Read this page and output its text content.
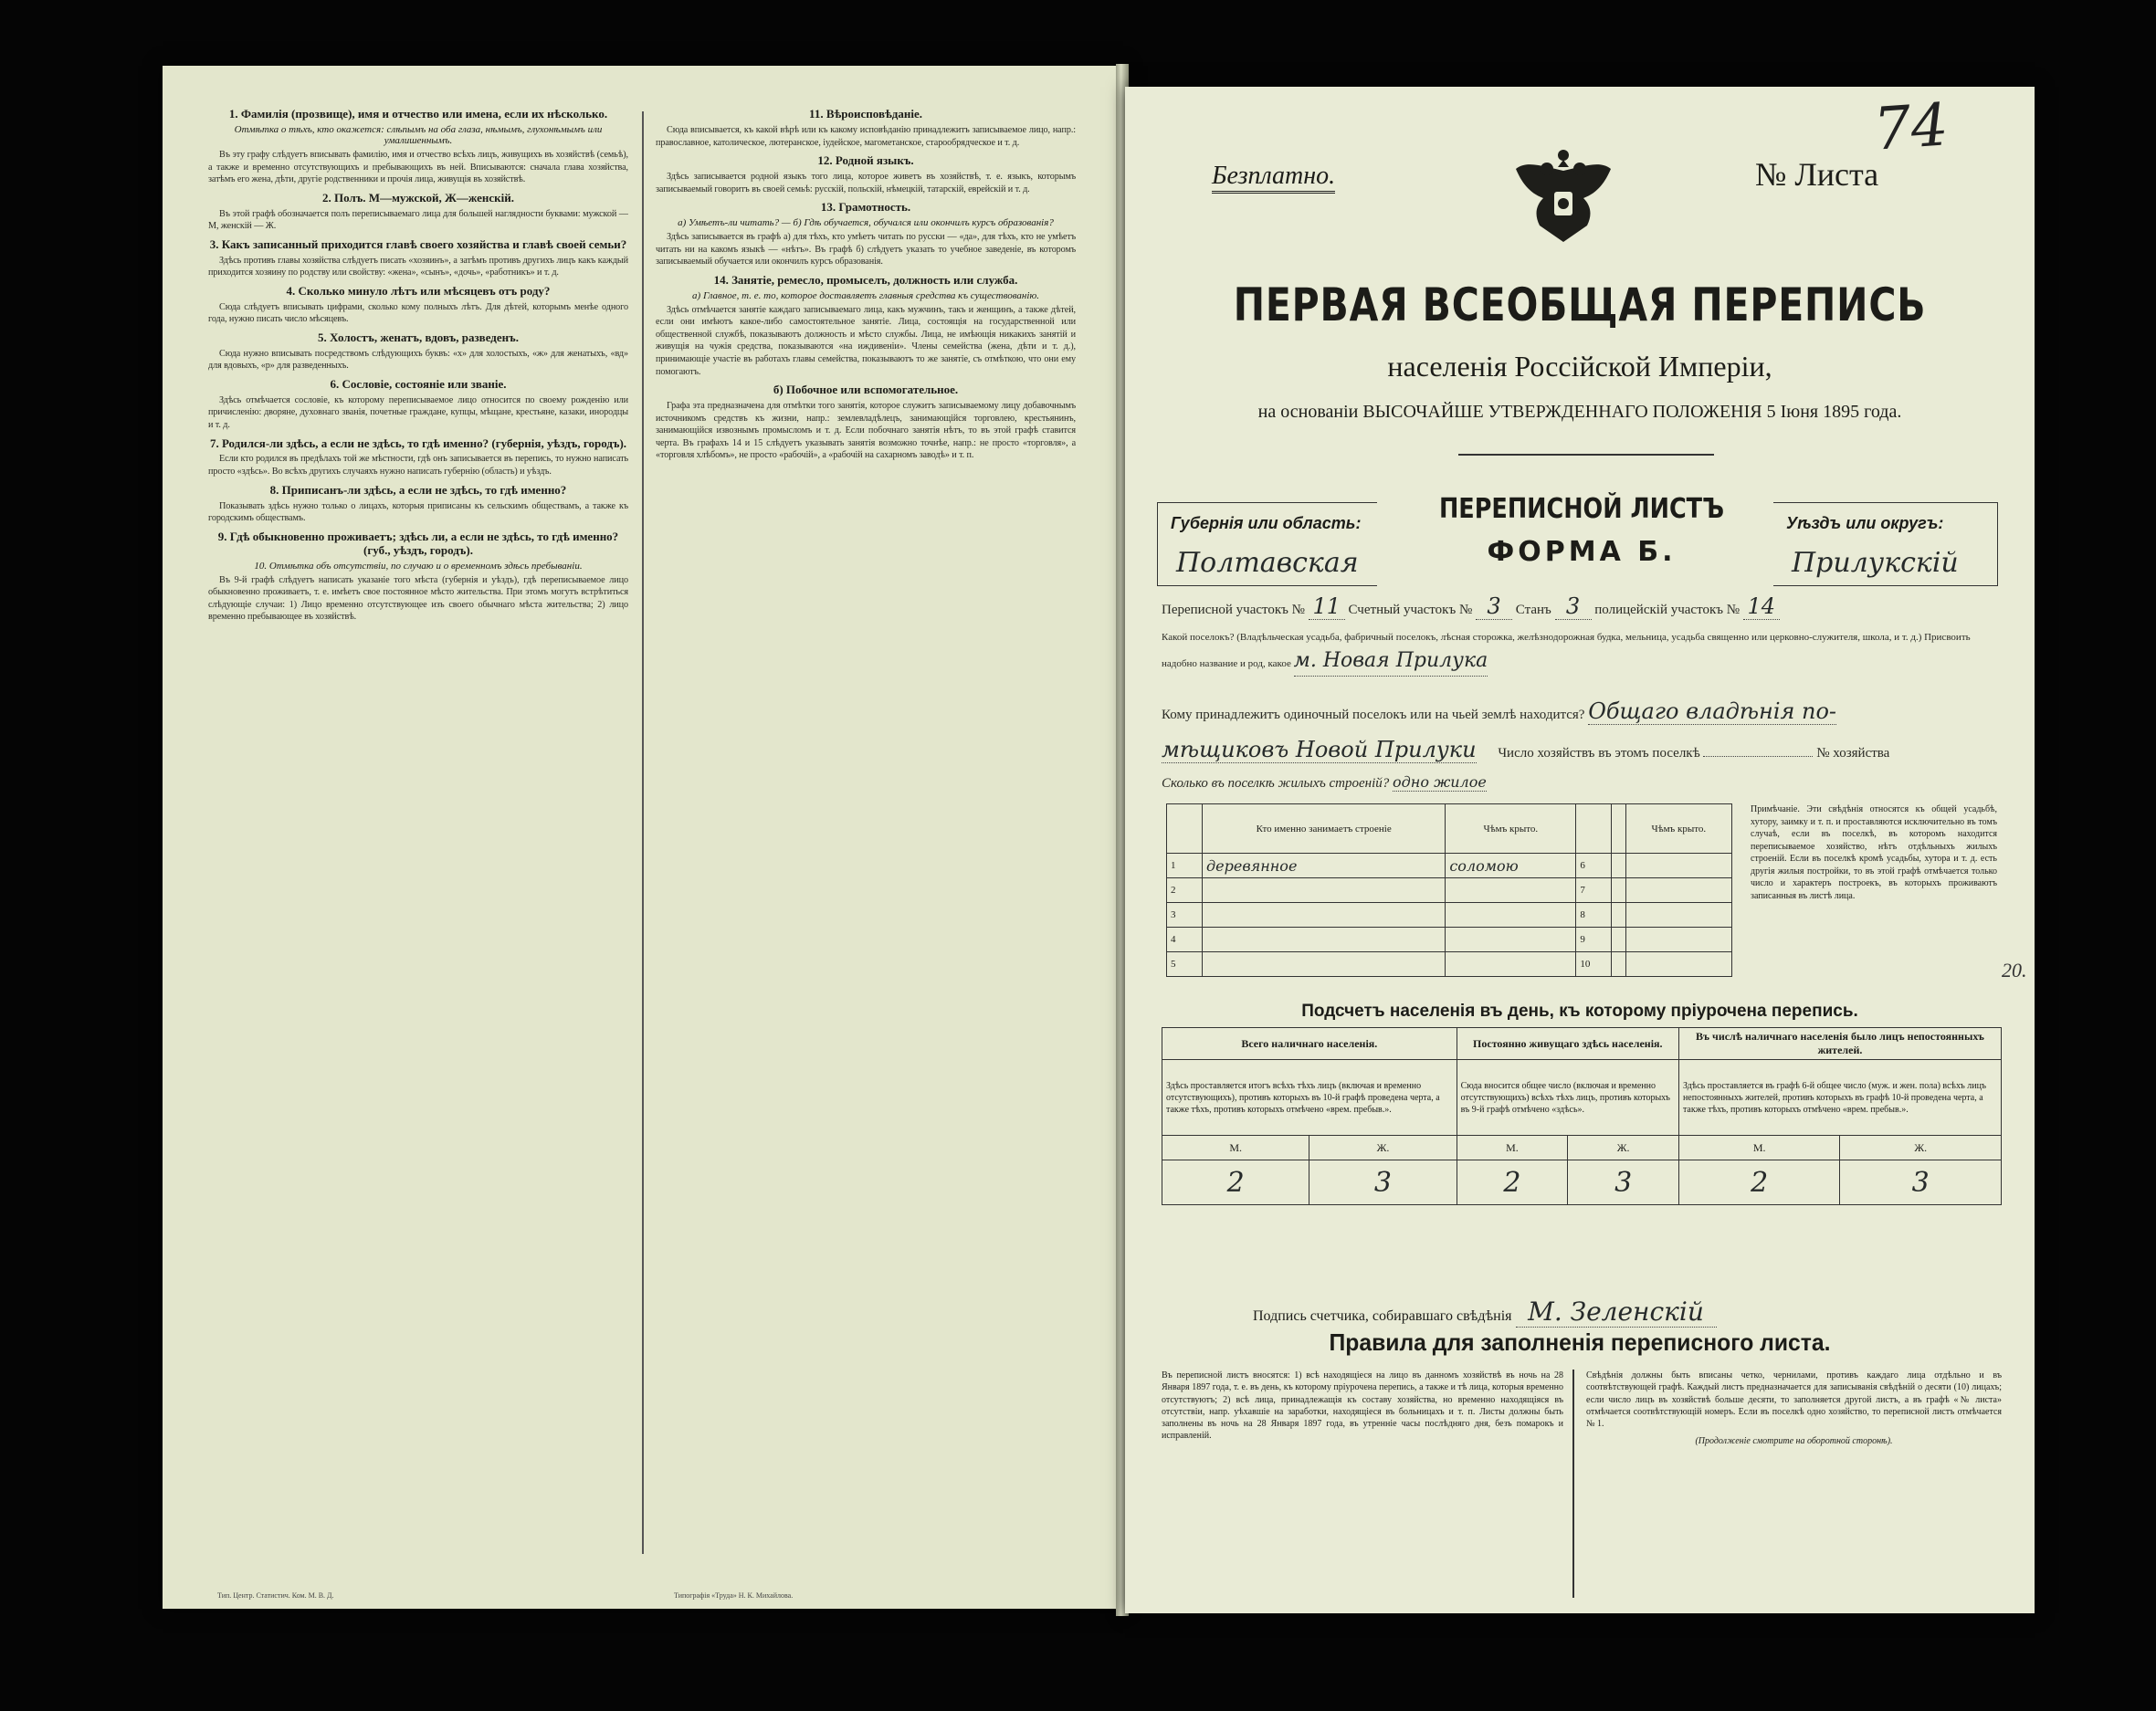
1. Фамилія (прозвище), имя и отчество или имена, если их нѣсколько.
Отмѣтка о тѣхъ, кто окажется: слѣпымъ на оба глаза, нѣмымъ, глухонѣмымъ или умалишеннымъ.

Въ эту графу слѣдуетъ вписывать фамилію, имя и отчество всѣхъ лицъ, живущихъ въ хозяйствѣ (семьѣ), а также и временно отсутствующихъ и пребывающихъ въ ней. Вписываются: сначала глава хозяйства, затѣмъ его жена, дѣти, другіе родственники и прочія лица, живущія въ хозяйствѣ.

2. Полъ. М—мужской, Ж—женскій.

Въ этой графѣ обозначается полъ переписываемаго лица для большей наглядности буквами: мужской — М, женскій — Ж.

3. Какъ записанный приходится главѣ своего хозяйства и главѣ своей семьи?

Здѣсь противъ главы хозяйства слѣдуетъ писать «хозяинъ», а затѣмъ противъ другихъ лицъ какъ каждый приходится хозяину по родству или свойству: «жена», «сынъ», «дочь», «работникъ» и т. д.

4. Сколько минуло лѣтъ или мѣсяцевъ отъ роду?

Сюда слѣдуетъ вписывать цифрами, сколько кому полныхъ лѣтъ. Для дѣтей, которымъ менѣе одного года, нужно писать число мѣсяцевъ.

5. Холостъ, женатъ, вдовъ, разведенъ.

Сюда нужно вписывать посредствомъ слѣдующихъ буквъ: «х» для холостыхъ, «ж» для женатыхъ, «вд» для вдовыхъ, «р» для разведенныхъ.

6. Сословіе, состояніе или званіе.

Здѣсь отмѣчается сословіе, къ которому переписываемое лицо относится по своему рожденію или причисленію: дворяне, духовнаго званія, почетные граждане, купцы, мѣщане, крестьяне, казаки, инородцы и т. д.

7. Родился-ли здѣсь, а если не здѣсь, то гдѣ именно? (губернія, уѣздъ, городъ).

Если кто родился въ предѣлахъ той же мѣстности, гдѣ онъ записывается въ перепись, то нужно написать просто «здѣсь». Во всѣхъ другихъ случаяхъ нужно написать губернію (область) и уѣздъ.

8. Приписанъ-ли здѣсь, а если не здѣсь, то гдѣ именно?

Показывать здѣсь нужно только о лицахъ, которыя приписаны къ сельскимъ обществамъ, а также къ городскимъ обществамъ.

9. Гдѣ обыкновенно проживаетъ; здѣсь ли, а если не здѣсь, то гдѣ именно? (губ., уѣздъ, городъ).
10. Отмѣтка объ отсутствіи, по случаю и о временномъ здѣсь пребываніи.

Въ 9-й графѣ слѣдуетъ написать указаніе того мѣста (губернія и уѣздъ), гдѣ переписываемое лицо обыкновенно проживаетъ, т. е. имѣетъ свое постоянное мѣсто жительства. При этомъ могутъ встрѣтиться слѣдующіе случаи: 1) Лицо временно отсутствующее изъ своего обычнаго мѣста жительства; 2) лицо временно пребывающее въ хозяйствѣ.

11. Вѣроисповѣданіе.

Сюда вписывается, къ какой вѣрѣ или къ какому исповѣданію принадлежитъ записываемое лицо, напр.: православное, католическое, лютеранское, іудейское, магометанское, старообрядческое и т. д.

12. Родной языкъ.

Здѣсь записывается родной языкъ того лица, которое живетъ въ хозяйствѣ, т. е. языкъ, которымъ записываемый говоритъ въ своей семьѣ: русскій, польскій, нѣмецкій, татарскій, еврейскій и т. д.

13. Грамотность.
а) Умѣетъ-ли читать? — б) Гдѣ обучается, обучался или окончилъ курсъ образованія?

Здѣсь записывается въ графѣ а) для тѣхъ, кто умѣетъ читать по русски — «да», для тѣхъ, кто не умѣетъ читать ни на какомъ языкѣ — «нѣтъ». Въ графѣ б) слѣдуетъ указать то учебное заведеніе, въ которомъ записываемый обучается или окончилъ курсъ образованія.

14. Занятіе, ремесло, промыселъ, должность или служба.
а) Главное, т. е. то, которое доставляетъ главныя средства къ существованію.

Здѣсь отмѣчается занятіе каждаго записываемаго лица, какъ мужчинъ, такъ и женщинъ, а также дѣтей, если они имѣютъ какое-либо самостоятельное занятіе. Лица, состоящія на государственной или общественной службѣ, показываютъ должность и мѣсто службы. Лица, не имѣющія никакихъ занятій и живущія на чужія средства, показываются «на иждивеніи». Члены семейства (жена, дѣти и т. д.), принимающіе участіе въ работахъ главы семейства, показываютъ то же занятіе, съ отмѣткою, что они ему помогаютъ.

б) Побочное или вспомогательное.

Графа эта предназначена для отмѣтки того занятія, которое служитъ записываемому лицу добавочнымъ источникомъ средствъ къ жизни, напр.: землевладѣлецъ, занимающійся торговлею, крестьянинъ, занимающійся извознымъ промысломъ и т. д. Если побочнаго занятія нѣтъ, то въ этой графѣ ставится черта. Въ графахъ 14 и 15 слѣдуетъ указывать занятія возможно точнѣе, напр.: не просто «торговля», а «торговля хлѣбомъ», не просто «рабочій», а «рабочій на сахарномъ заводѣ» и т. п.

Тип. Центр. Статистич. Ком. М. В. Д.	Типографія «Труда» Н. К. Михайлова.
Безплатно.	№ Листа
74
ПЕРВАЯ ВСЕОБЩАЯ ПЕРЕПИСЬ
населенія Россійской Имперіи,
на основаніи ВЫСОЧАЙШЕ УТВЕРЖДЕННАГО ПОЛОЖЕНІЯ 5 Іюня 1895 года.
Губернія или область:
Полтавская
ПЕРЕПИСНОЙ ЛИСТЪ
ФОРМА Б.
Уѣздъ или округъ:
Прилукскій
Переписной участокъ № 11 Счетный участокъ № 3 Станъ 3 полицейскій участокъ № 14
Какой поселокъ? (Владѣльческая усадьба, фабричный поселокъ, лѣсная сторожка, желѣзнодорожная будка, мельница, усадьба священно или церковно-служителя, школа, и т. д.) Присвоить надобно название и род, какое м. Новая Прилука
Кому принадлежитъ одиночный поселокъ или на чьей землѣ находится? Общаго владѣнія по-
мѣщиковъ Новой Прилуки Число хозяйствъ въ этомъ поселкѣ	№ хозяйства
Сколько въ поселкѣ жилыхъ строеній? одно жилое
	Кто именно занимаетъ строеніе	Чѣмъ крыто.			Чѣмъ крыто.
1	деревянное	соломою	6		
2			7		
3			8		
4			9		
5			10		
Примѣчаніе. Эти свѣдѣнія относятся къ общей усадьбѣ, хутору, заимку и т. п. и проставляются исключительно въ томъ случаѣ, если въ поселкѣ, въ которомъ находится переписываемое хозяйство, нѣтъ отдѣльныхъ жилыхъ строеній. Если въ поселкѣ кромѣ усадьбы, хутора и т. д. есть другія жилыя постройки, то въ этой графѣ отмѣчается только число и характеръ построекъ, въ которыхъ проживаютъ записанныя въ листѣ лица.
20.
Подсчетъ населенія въ день, къ которому пріурочена перепись.
Всего наличнаго населенія.		Постоянно живущаго здѣсь населенія.		Въ числѣ наличнаго населенія было лицъ непостоянныхъ жителей.	
Здѣсь проставляется итогъ всѣхъ тѣхъ лицъ (включая и временно отсутствующихъ), противъ которыхъ въ 10-й графѣ проведена черта, а также тѣхъ, противъ которыхъ отмѣчено «врем. пребыв.».		Сюда вносится общее число (включая и временно отсутствующихъ) всѣхъ тѣхъ лицъ, противъ которыхъ въ 9-й графѣ отмѣчено «здѣсь».		Здѣсь проставляется въ графѣ 6-й общее число (муж. и жен. пола) всѣхъ лицъ непостоянныхъ жителей, противъ которыхъ въ графѣ 10-й проведена черта, а также тѣхъ, противъ которыхъ отмѣчено «врем. пребыв.».	
М.	Ж.	М.	Ж.	М.	Ж.
2	3	2	3	2	3
Подпись счетчика, собиравшаго свѣдѣнія М. Зеленскій
Правила для заполненія переписного листа.
Въ переписной листъ вносятся: 1) всѣ находящіеся на лицо въ данномъ хозяйствѣ въ ночь на 28 Января 1897 года, т. е. въ день, къ которому пріурочена перепись, а также и тѣ лица, которыя временно отсутствуютъ; 2) всѣ лица, принадлежащія къ составу хозяйства, но временно находящіяся въ отсутствіи, напр. уѣхавшіе на заработки, находящіеся въ больницахъ и т. п. Листы должны быть заполнены въ ночь на 28 Января 1897 года, въ утренніе часы послѣдняго дня, безъ помарокъ и исправленій.
Свѣдѣнія должны быть вписаны четко, чернилами, противъ каждаго лица отдѣльно и въ соотвѣтствующей графѣ. Каждый листъ предназначается для записыванія свѣдѣній о десяти (10) лицахъ; если число лицъ въ хозяйствѣ больше десяти, то заполняется другой листъ, а въ графѣ «№ листа» отмѣчается соотвѣтствующій номеръ. Если въ поселкѣ одно хозяйство, то переписной листъ отмѣчается № 1.
(Продолженіе смотрите на оборотной сторонѣ).
